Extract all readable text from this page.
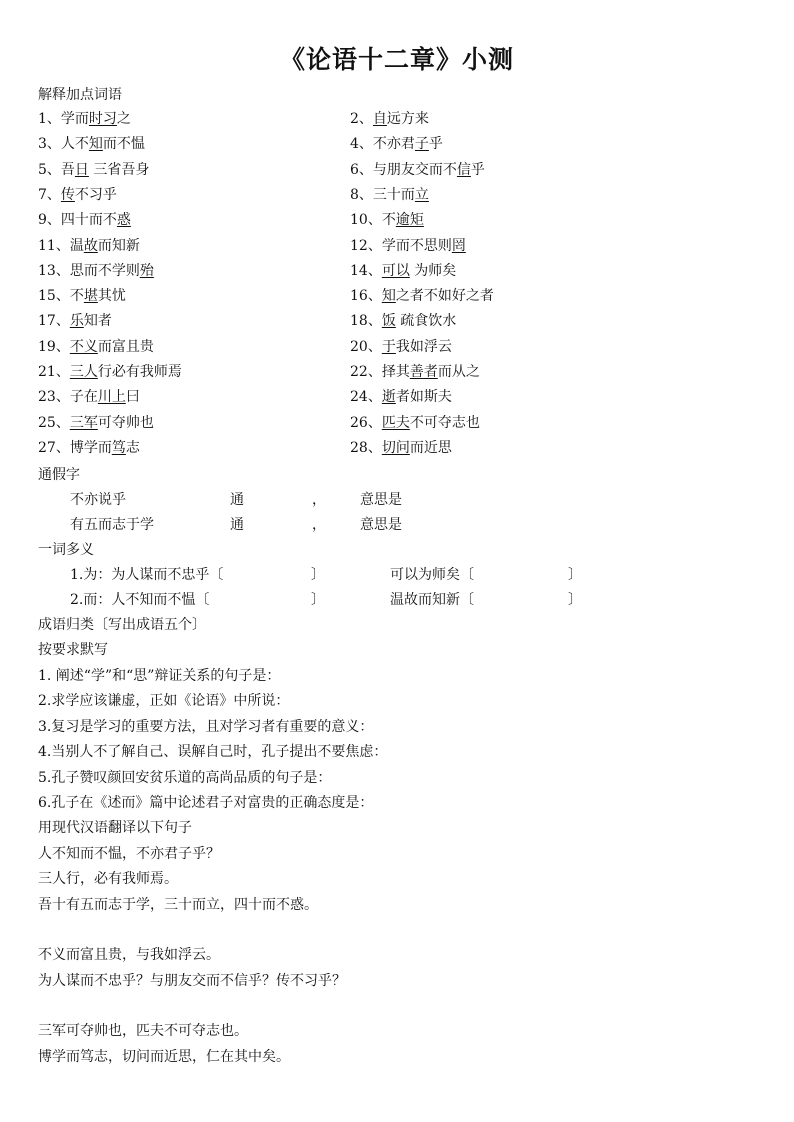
《论语十二章》小测
解释加点词语
1、学而时习之	2、自远方来
3、人不知而不愠	4、不亦君子乎
5、吾日 三省吾身	6、与朋友交而不信乎
7、传不习乎	8、三十而立
9、四十而不惑	10、不逾矩
11、温故而知新	12、学而不思则罔
13、思而不学则殆	14、可以 为师矣
15、不堪其忧	16、知之者不如好之者
17、乐知者	18、饭 疏食饮水
19、不义而富且贵	20、于我如浮云
21、三人行必有我师焉	22、择其善者而从之
23、子在川上曰	24、逝者如斯夫
25、三军可夺帅也	26、匹夫不可夺志也
27、博学而笃志	28、切问而近思
通假字
不亦说乎	通	， 意思是
有五而志于学	通	， 意思是
一词多义
1.为：为人谋而不忠乎〔	〕	可以为师矣〔	〕
2.而：人不知而不愠〔	〕	温故而知新〔	〕
成语归类〔写出成语五个〕
按要求默写
1. 阐述“学”和“思”辩证关系的句子是：
2.求学应该谦虚，正如《论语》中所说：
3.复习是学习的重要方法，且对学习者有重要的意义：
4.当别人不了解自己、误解自己时，孔子提出不要焦虑：
5.孔子赞叹颜回安贫乐道的高尚品质的句子是：
6.孔子在《述而》篇中论述君子对富贵的正确态度是：
用现代汉语翻译以下句子
人不知而不愠，不亦君子乎？
三人行，必有我师焉。
吾十有五而志于学，三十而立，四十而不惑。
不义而富且贵，与我如浮云。
为人谋而不忠乎？与朋友交而不信乎？传不习乎？
三军可夺帅也，匹夫不可夺志也。
博学而笃志，切问而近思，仁在其中矣。
